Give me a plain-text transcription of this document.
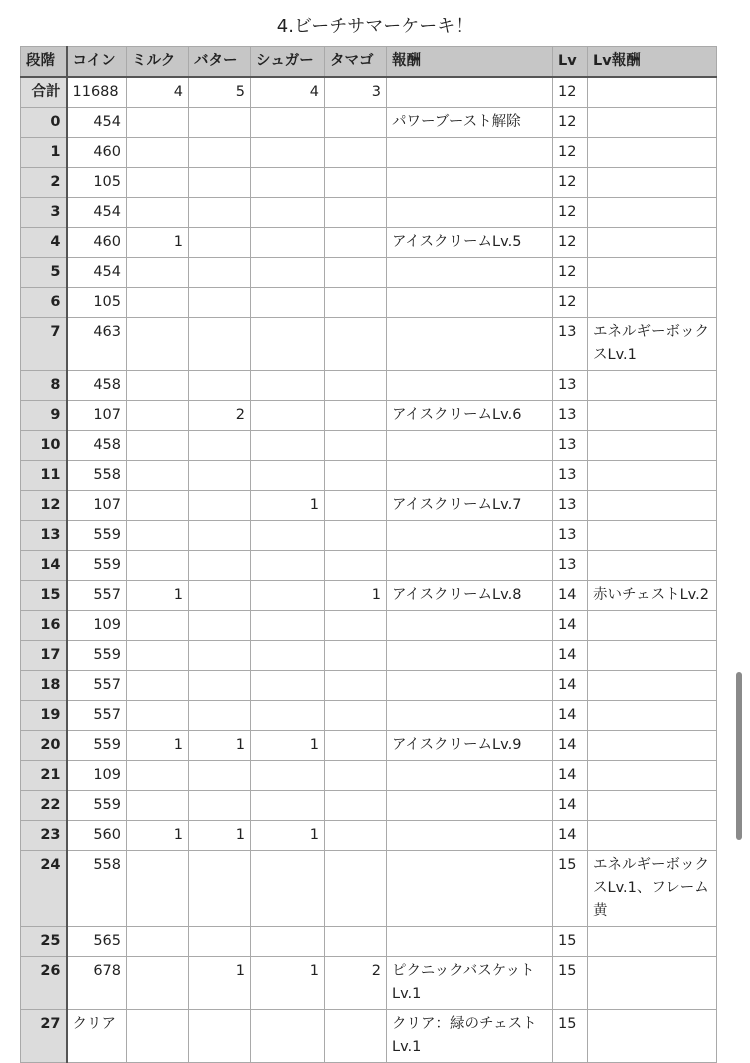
4.ビーチサマーケーキ！
段階	コイン	ミルク	バター	シュガー	タマゴ	報酬	Lv	Lv報酬
合計	11688	4	5	4	3		12	
0	454					パワーブースト解除	12	
1	460						12	
2	105						12	
3	454						12	
4	460	1				アイスクリームLv.5	12	
5	454						12	
6	105						12	
7	463						13	エネルギーボックスLv.1
8	458						13	
9	107		2			アイスクリームLv.6	13	
10	458						13	
11	558						13	
12	107			1		アイスクリームLv.7	13	
13	559						13	
14	559						13	
15	557	1			1	アイスクリームLv.8	14	赤いチェストLv.2
16	109						14	
17	559						14	
18	557						14	
19	557						14	
20	559	1	1	1		アイスクリームLv.9	14	
21	109						14	
22	559						14	
23	560	1	1	1			14	
24	558						15	エネルギーボックスLv.1、フレーム黄
25	565						15	
26	678		1	1	2	ピクニックバスケットLv.1	15	
27	クリア					クリア：緑のチェストLv.1	15	
